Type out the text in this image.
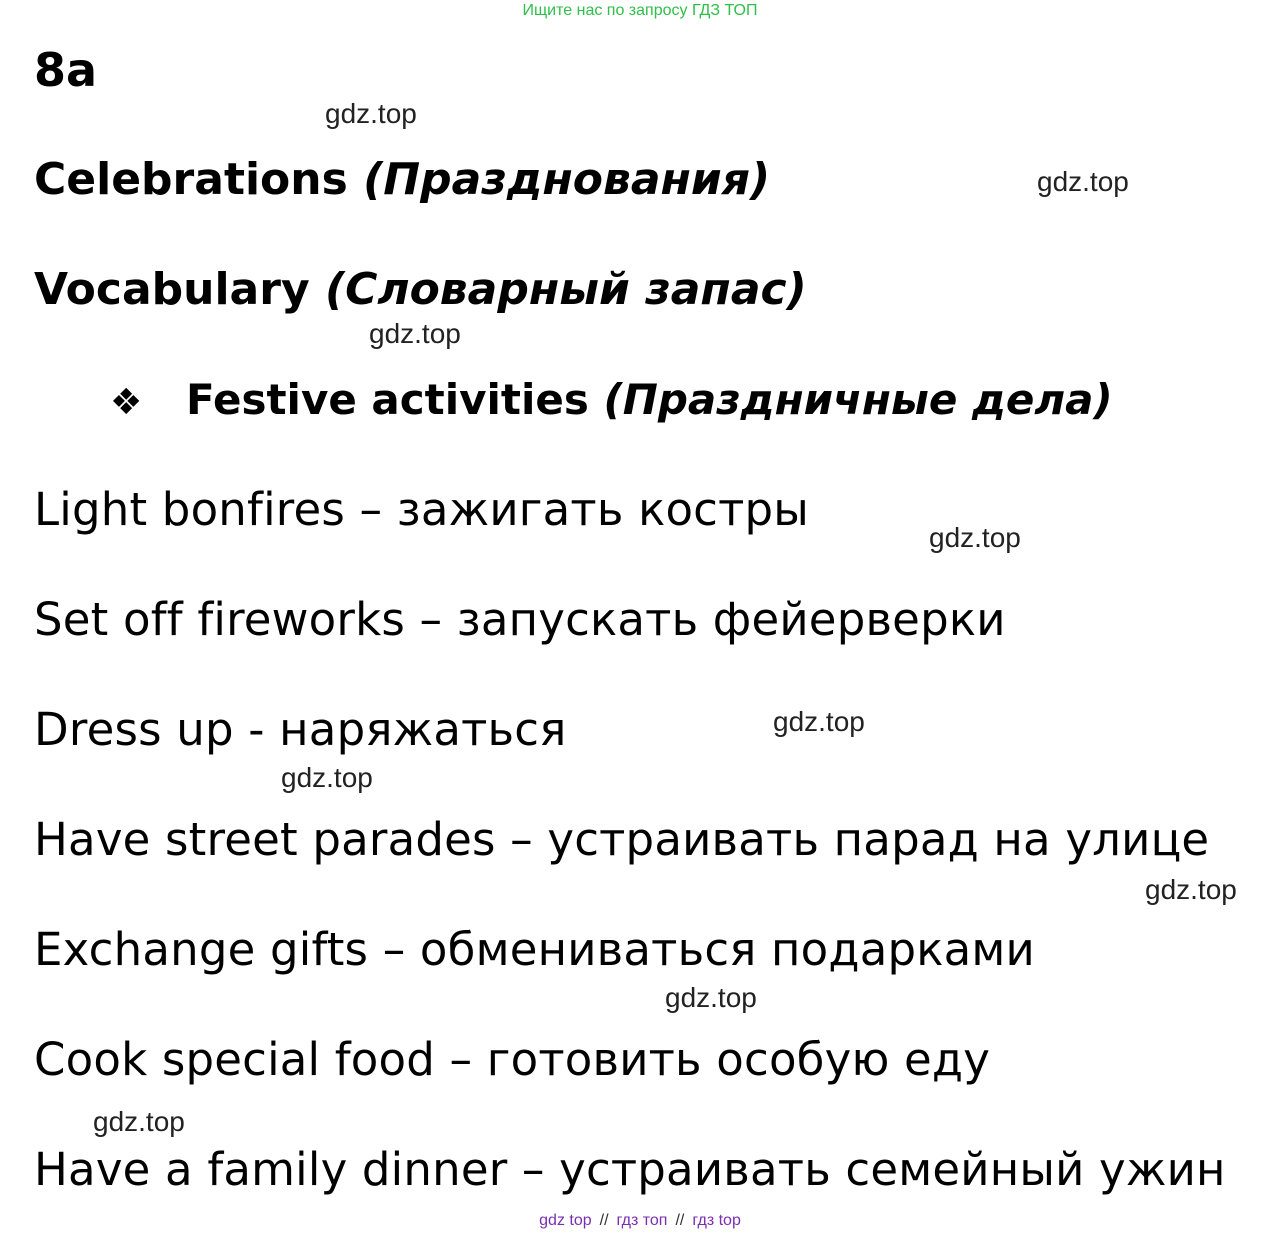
Ищите нас по запросу ГДЗ ТОП
8a
Celebrations (Празднования)
Vocabulary (Словарный запас)
❖ Festive activities (Праздничные дела)
Light bonfires – зажигать костры
Set off fireworks – запускать фейерверки
Dress up - наряжаться
Have street parades – устраивать парад на улице
Exchange gifts – обмениваться подарками
Cook special food – готовить особую еду
Have a family dinner – устраивать семейный ужин
gdz.top
gdz.top
gdz.top
gdz.top
gdz.top
gdz.top
gdz.top
gdz.top
gdz.top
gdz top // гдз топ // гдз top
